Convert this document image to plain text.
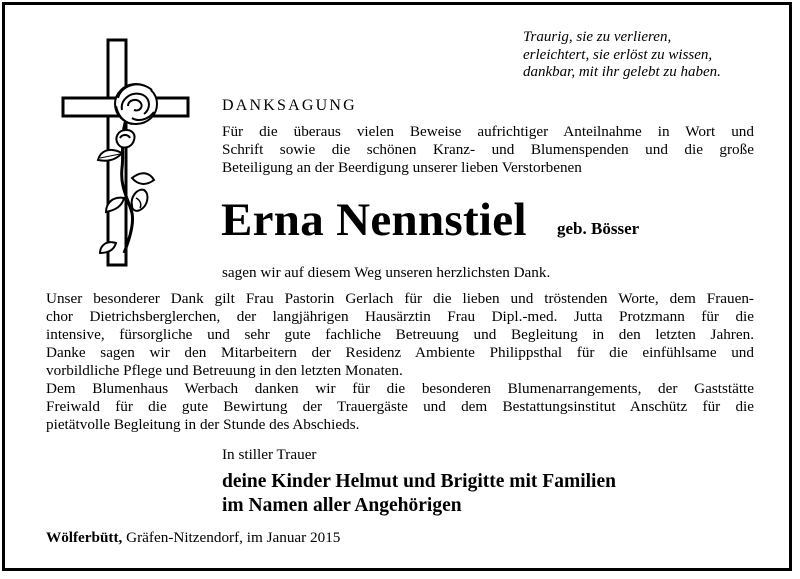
Traurig, sie zu verlieren,
erleichtert, sie erlöst zu wissen,
dankbar, mit ihr gelebt zu haben.
DANKSAGUNG
Für die überaus vielen Beweise aufrichtiger Anteilnahme in Wort und
Schrift sowie die schönen Kranz- und Blumenspenden und die große
Beteiligung an der Beerdigung unserer lieben Verstorbenen
Erna Nennstiel geb. Bösser
sagen wir auf diesem Weg unseren herzlichsten Dank.
Unser besonderer Dank gilt Frau Pastorin Gerlach für die lieben und tröstenden Worte, dem Frauen-
chor Dietrichsberglerchen, der langjährigen Hausärztin Frau Dipl.-med. Jutta Protzmann für die
intensive, fürsorgliche und sehr gute fachliche Betreuung und Begleitung in den letzten Jahren.
Danke sagen wir den Mitarbeitern der Residenz Ambiente Philippsthal für die einfühlsame und
vorbildliche Pflege und Betreuung in den letzten Monaten.
Dem Blumenhaus Werbach danken wir für die besonderen Blumenarrangements, der Gaststätte
Freiwald für die gute Bewirtung der Trauergäste und dem Bestattungsinstitut Anschütz für die
pietätvolle Begleitung in der Stunde des Abschieds.
In stiller Trauer
deine Kinder Helmut und Brigitte mit Familien
im Namen aller Angehörigen
Wölferbütt, Gräfen-Nitzendorf, im Januar 2015
